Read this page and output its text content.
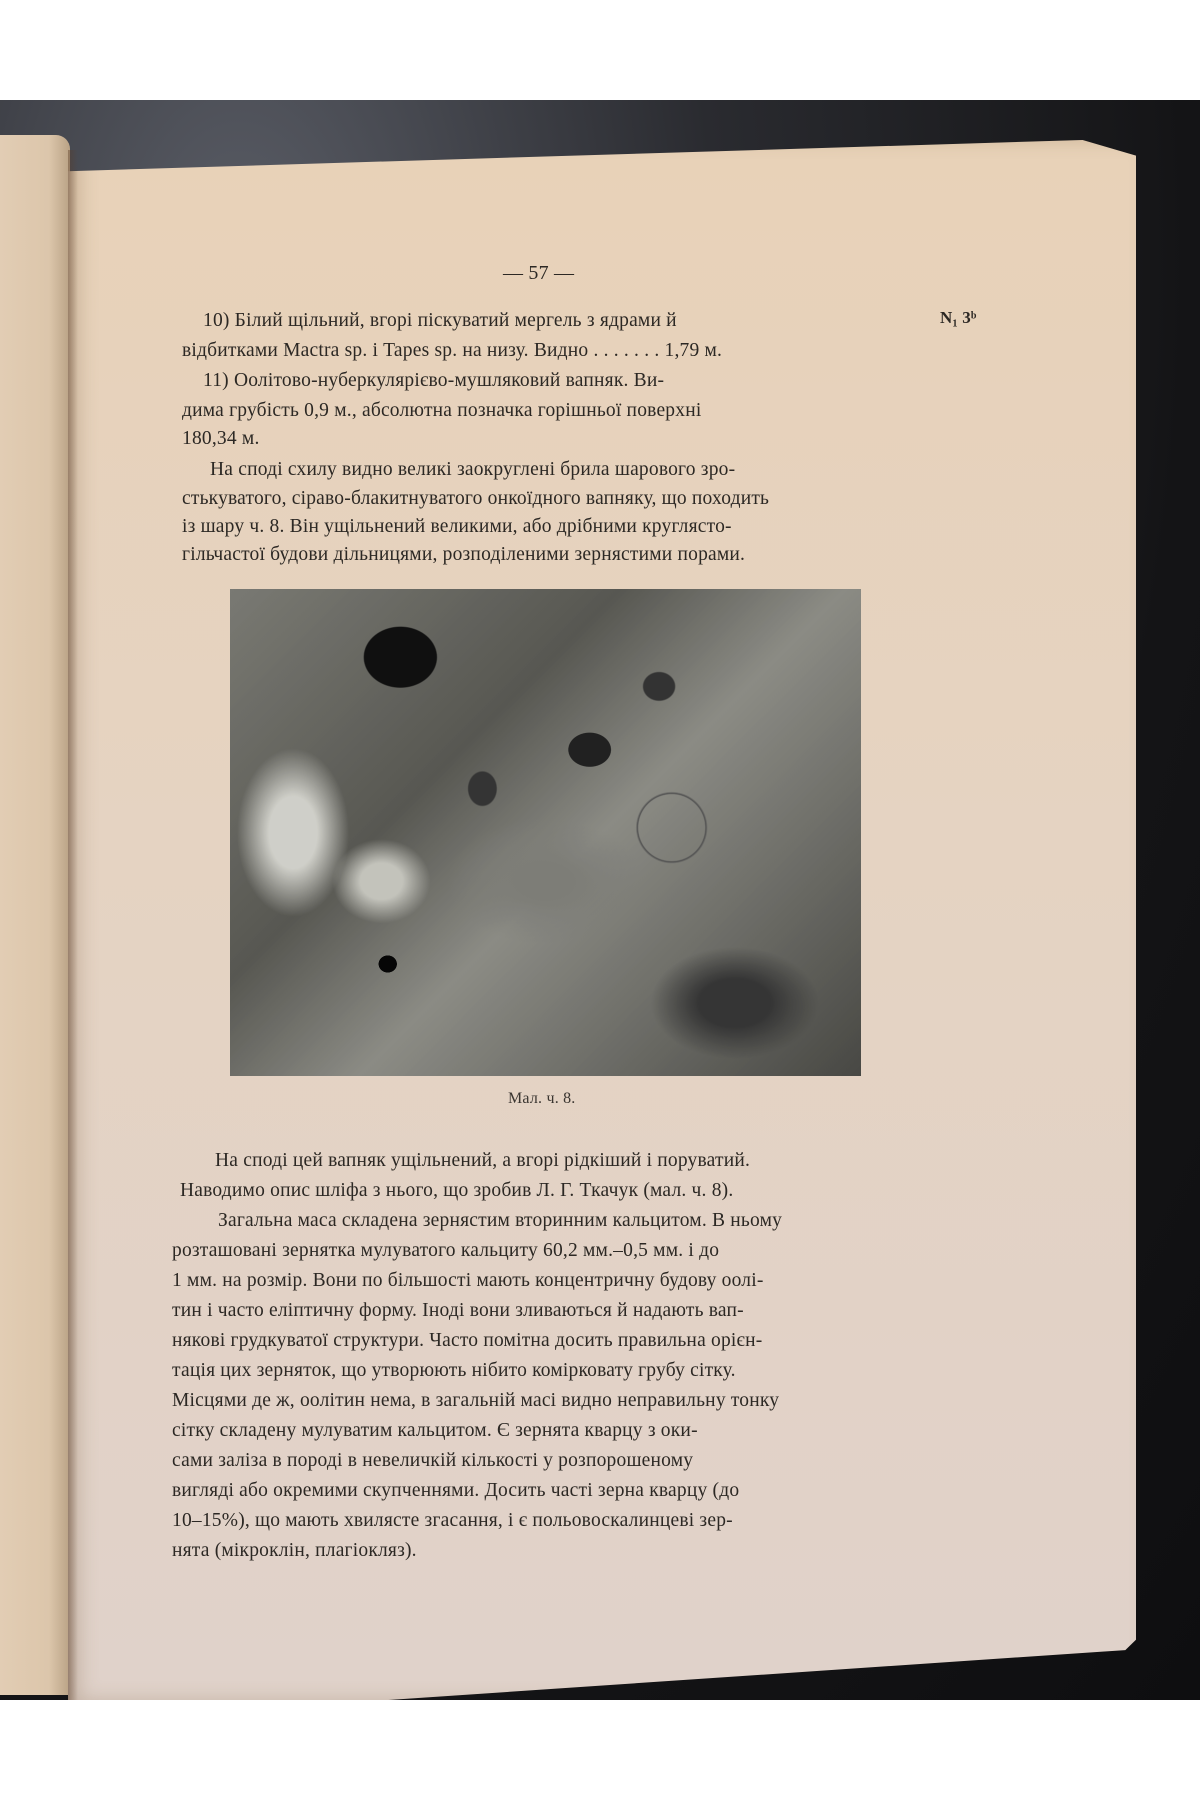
— 57 —
N₁ 3ᵇ
10) Білий щільний, вгорі піскуватий мергель з ядрами й
відбитками Mactra sp. і Tapes sp. на низу. Видно . . . . . . . 1,79 м.
11) Оолітово-нуберкулярієво-мушляковий вапняк. Ви-
дима грубість 0,9 м., абсолютна позначка горішньої поверхні
180,34 м.
На споді схилу видно великі заокруглені брила шарового зро-
стькуватого, сіраво-блакитнуватого онкоїдного вапняку, що походить
із шару ч. 8. Він ущільнений великими, або дрібними круглясто-
гільчастої будови дільницями, розподіленими зернястими порами.
Мал. ч. 8.
На споді цей вапняк ущільнений, а вгорі рідкіший і поруватий.
Наводимо опис шліфа з нього, що зробив Л. Г. Ткачук (мал. ч. 8).
Загальна маса складена зернястим вторинним кальцитом. В ньому
розташовані зернятка мулуватого кальциту 60,2 мм.–0,5 мм. і до
1 мм. на розмір. Вони по більшості мають концентричну будову оолі-
тин і часто еліптичну форму. Іноді вони зливаються й надають вап-
някові грудкуватої структури. Часто помітна досить правильна орієн-
тація цих зерняток, що утворюють нібито комірковату грубу сітку.
Місцями де ж, оолітин нема, в загальній масі видно неправильну тонку
сітку складену мулуватим кальцитом. Є зернята кварцу з оки-
сами заліза в породі в невеличкій кількості у розпорошеному
вигляді або окремими скупченнями. Досить часті зерна кварцу (до
10–15%), що мають хвилясте згасання, і є польовоскалинцеві зер-
нята (мікроклін, плагіокляз).
